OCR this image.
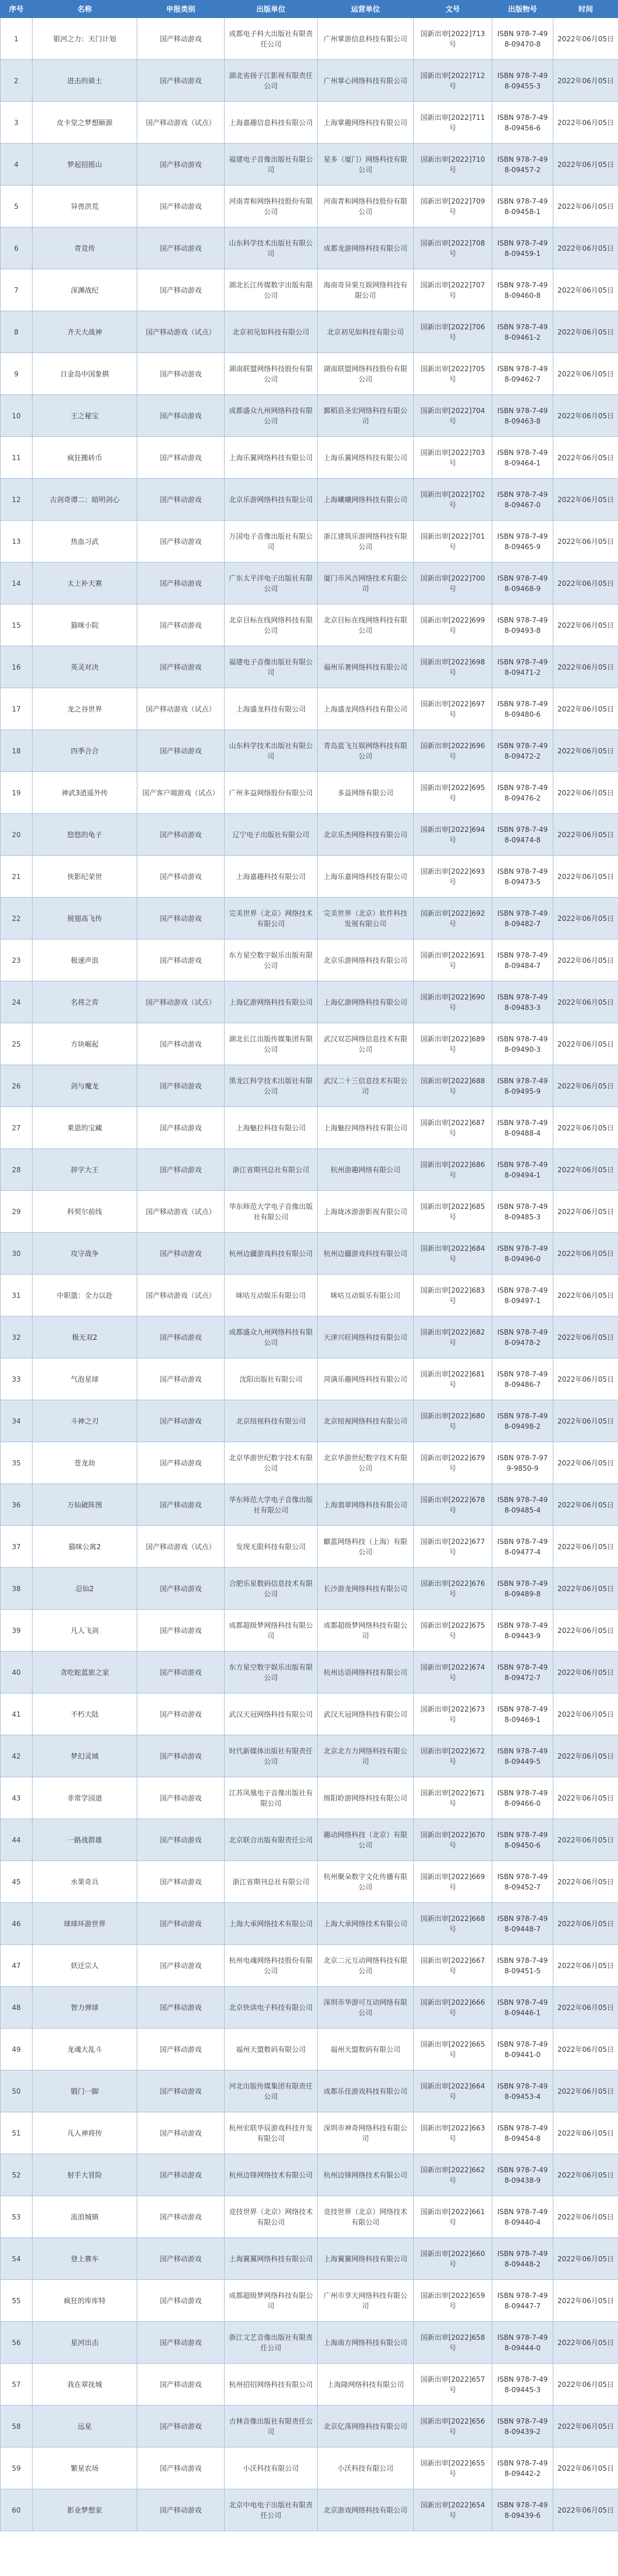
序号	名称	申报类别	出版单位	运营单位	文号	出版物号	时间
1	银河之力：天门计划	国产移动游戏	成都电子科大出版社有限责任公司	广州掌游信息科技有限公司	国新出审[2022]713号	ISBN 978-7-498-09470-8	2022年06月05日
2	进击的骑士	国产移动游戏	湖北省扬子江影视有限责任公司	广州掌心网络科技有限公司	国新出审[2022]712号	ISBN 978-7-498-09455-3	2022年06月05日
3	皮卡堂之梦想颐源	国产移动游戏（试点）	上海嘉趣信息科技有限公司	上海掌趣网络科技有限公司	国新出审[2022]711号	ISBN 978-7-498-09456-6	2022年06月05日
4	梦起招摇山	国产移动游戏	福建电子音像出版社有限公司	星多（厦门）网络科技有限公司	国新出审[2022]710号	ISBN 978-7-498-09457-2	2022年06月05日
5	异兽洪荒	国产移动游戏	河南青和网络科技股份有限公司	河南青和网络科技股份有限公司	国新出审[2022]709号	ISBN 978-7-498-09458-1	2022年06月05日
6	青竞传	国产移动游戏	山东科学技术出版社有限公司	成都龙游网络科技有限公司	国新出审[2022]708号	ISBN 978-7-498-09459-1	2022年06月05日
7	深渊战纪	国产移动游戏	湖北长江传媒数字出版有限公司	海南奇异果互娱网络科技有限公司	国新出审[2022]707号	ISBN 978-7-498-09460-8	2022年06月05日
8	齐天大战神	国产移动游戏（试点）	北京初见如科技有限公司	北京初见如科技有限公司	国新出审[2022]706号	ISBN 978-7-498-09461-2	2022年06月05日
9	日金岛中国象棋	国产移动游戏	湖南联盟网络科技股份有限公司	湖南联盟网络科技股份有限公司	国新出审[2022]705号	ISBN 978-7-498-09462-7	2022年06月05日
10	王之秘宝	国产移动游戏	成都盛众九州网络科技有限公司	鄞稻县圣宏网络科技有限公司	国新出审[2022]704号	ISBN 978-7-498-09463-8	2022年06月05日
11	疯狂搬砖币	国产移动游戏	上海乐翼网络科技有限公司	上海乐翼网络科技有限公司	国新出审[2022]703号	ISBN 978-7-498-09464-1	2022年06月05日
12	古剑奇谭二：暗明剑心	国产移动游戏	北京乐游网络科技有限公司	上海曦曦网络科技有限公司	国新出审[2022]702号	ISBN 978-7-498-09467-0	2022年06月05日
13	热血习武	国产移动游戏	万国电子音像出版社有限公司	浙江建筑乐游网络科技有限公司	国新出审[2022]701号	ISBN 978-7-498-09465-9	2022年06月05日
14	太上补天赛	国产移动游戏	广东太平洋电子出版社有限公司	厦门市风吉网络技术有限公司	国新出审[2022]700号	ISBN 978-7-498-09468-9	2022年06月05日
15	猫咪小院	国产移动游戏	北京目标在线网络科技有限公司	北京目标在线网络科技有限公司	国新出审[2022]699号	ISBN 978-7-498-09493-8	2022年06月05日
16	英灵对决	国产移动游戏	福建电子音像出版社有限公司	福州乐奢网络科技有限公司	国新出审[2022]698号	ISBN 978-7-498-09471-2	2022年06月05日
17	龙之谷世界	国产移动游戏（试点）	上海盛龙科技有限公司	上海盛龙网络科技有限公司	国新出审[2022]697号	ISBN 978-7-498-09480-6	2022年06月05日
18	四季合合	国产移动游戏	山东科学技术出版社有限公司	青岛蓝飞互娱网络科技有限公司	国新出审[2022]696号	ISBN 978-7-498-09472-2	2022年06月05日
19	神武3逍遥外传	国产客户端游戏（试点）	广州多益网络股份有限公司	多益网络有限公司	国新出审[2022]695号	ISBN 978-7-498-09476-2	2022年06月05日
20	悠悠的龟子	国产移动游戏	辽宁电子出版社有限公司	北京乐杰网络科技有限公司	国新出审[2022]694号	ISBN 978-7-498-09474-8	2022年06月05日
21	侠影纪荣世	国产移动游戏	上海嘉趣科技有限公司	上海乐嘉网络科技有限公司	国新出审[2022]693号	ISBN 978-7-498-09473-5	2022年06月05日
22	展翅高飞传	国产移动游戏	完美世界（北京）网络技术有限公司	完美世界（北京）软件科技发展有限公司	国新出审[2022]692号	ISBN 978-7-498-09482-7	2022年06月05日
23	极速声浪	国产移动游戏	东方星空数字娱乐出版有限公司	北京乐游网络科技有限公司	国新出审[2022]691号	ISBN 978-7-498-09484-7	2022年06月05日
24	名将之弈	国产移动游戏（试点）	上海亿游网络科技有限公司	上海亿游网络科技有限公司	国新出审[2022]690号	ISBN 978-7-498-09483-3	2022年06月05日
25	方块崛起	国产移动游戏	湖北长江出版传媒集团有限公司	武汉双芯网络信息技术有限公司	国新出审[2022]689号	ISBN 978-7-498-09490-3	2022年06月05日
26	剑与魔龙	国产移动游戏	黑龙江科学技术出版社有限公司	武汉二十三信息技术有限公司	国新出审[2022]688号	ISBN 978-7-498-09495-9	2022年06月05日
27	萊恩的宝藏	国产移动游戏	上海魅拉科技有限公司	上海魅拉网络科技有限公司	国新出审[2022]687号	ISBN 978-7-498-09488-4	2022年06月05日
28	拼字大王	国产移动游戏	浙江省期刊总社有限公司	杭州游趣网络有限公司	国新出审[2022]686号	ISBN 978-7-498-09494-1	2022年06月05日
29	科契尔前线	国产移动游戏（试点）	华东师范大学电子音像出版社有限公司	上海珑冰游游影视有限公司	国新出审[2022]685号	ISBN 978-7-498-09485-3	2022年06月05日
30	攻守战争	国产移动游戏	杭州边疆游戏科技有限公司	杭州边疆游戏科技有限公司	国新出审[2022]684号	ISBN 978-7-498-09496-0	2022年06月05日
31	中职篮：全力以赴	国产移动游戏（试点）	咪咕互动娱乐有限公司	咪咕互动娱乐有限公司	国新出审[2022]683号	ISBN 978-7-498-09497-1	2022年06月05日
32	极无双2	国产移动游戏	成都盛众九州网络科技有限公司	天津兴旺网络科技有限公司	国新出审[2022]682号	ISBN 978-7-498-09478-2	2022年06月05日
33	气泡星球	国产移动游戏	沈阳出版社有限公司	菏满乐趣网络科技有限公司	国新出审[2022]681号	ISBN 978-7-498-09486-7	2022年06月05日
34	斗神之刃	国产移动游戏	北京纽视科技有限公司	北京纽视网络科技有限公司	国新出审[2022]680号	ISBN 978-7-498-09498-2	2022年06月05日
35	苍龙劫	国产移动游戏	北京华游世纪数字技术有限公司	北京华游世纪数字技术有限公司	国新出审[2022]679号	ISBN 978-7-979-9850-9	2022年06月05日
36	万仙破阵图	国产移动游戏	华东师范大学电子音像出版社有限公司	上海翡翠网络科技有限公司	国新出审[2022]678号	ISBN 978-7-498-09485-4	2022年06月05日
37	猫咪公寓2	国产移动游戏（试点）	发现无限科技有限公司	麒蓝网络科技（上海）有限公司	国新出审[2022]677号	ISBN 978-7-498-09477-4	2022年06月05日
38	忍仙2	国产移动游戏	合肥乐星数码信息技术有限公司	长沙游龙网络科技有限公司	国新出审[2022]676号	ISBN 978-7-498-09489-8	2022年06月05日
39	凡人飞剑	国产移动游戏	成都超级梦网络科技有限公司	成都超级梦网络科技有限公司	国新出审[2022]675号	ISBN 978-7-498-09443-9	2022年06月05日
40	贪吃蛇蓝旅之家	国产移动游戏	东方星空数字娱乐出版有限公司	杭州达语网络科技有限公司	国新出审[2022]674号	ISBN 978-7-498-09472-7	2022年06月05日
41	不朽大陆	国产移动游戏	武汉天冠网络科技有限公司	武汉天冠网络科技有限公司	国新出审[2022]673号	ISBN 978-7-498-09469-1	2022年06月05日
42	梦幻灵域	国产移动游戏	时代新媒体出版社有限责任公司	北京北方力网络科技有限公司	国新出审[2022]672号	ISBN 978-7-498-09449-5	2022年06月05日
43	非常学园道	国产移动游戏	江苏凤凰电子音像出版社有限公司	绵阳聆游网络科技有限公司	国新出审[2022]671号	ISBN 978-7-498-09466-0	2022年06月05日
44	一路战群雄	国产移动游戏	北京联合出版有限责任公司	趣动网络科技（北京）有限公司	国新出审[2022]670号	ISBN 978-7-498-09450-6	2022年06月05日
45	水果奇兵	国产移动游戏	浙江省期刊总社有限公司	杭州聚朵数字文化传播有限公司	国新出审[2022]669号	ISBN 978-7-498-09452-7	2022年06月05日
46	球球环游世界	国产移动游戏	上海大承网络技术有限公司	上海大承网络技术有限公司	国新出审[2022]668号	ISBN 978-7-498-09448-7	2022年06月05日
47	妖迁宗人	国产移动游戏	杭州电魂网络科技股份有限公司	北京二元互动网络科技有限公司	国新出审[2022]667号	ISBN 978-7-498-09451-5	2022年06月05日
48	智力弹球	国产移动游戏	北京快读电子科技有限公司	深圳市华游可互动网络有限公司	国新出审[2022]666号	ISBN 978-7-498-09446-1	2022年06月05日
49	龙魂大乱斗	国产移动游戏	福州天盟数码有限公司	福州天盟数码有限公司	国新出审[2022]665号	ISBN 978-7-498-09441-0	2022年06月05日
50	锻门一脚	国产移动游戏	河北出版传媒集团有限责任公司	成都乐佳游戏科技有限公司	国新出审[2022]664号	ISBN 978-7-498-09453-4	2022年06月05日
51	凡人神将传	国产移动游戏	杭州宏联华辰游戏科技开发有限公司	深圳市神奇网络科技有限公司	国新出审[2022]663号	ISBN 978-7-498-09454-8	2022年06月05日
52	射手大冒险	国产移动游戏	杭州边锋网络技术有限公司	杭州边锋网络技术有限公司	国新出审[2022]662号	ISBN 978-7-498-09438-9	2022年06月05日
53	流浪城镇	国产移动游戏	竞技世界（北京）网络技术有限公司	竞技世界（北京）网络技术有限公司	国新出审[2022]661号	ISBN 978-7-498-09440-4	2022年06月05日
54	登上赛车	国产移动游戏	上海翼翼网络科技有限公司	上海翼翼网络科技有限公司	国新出审[2022]660号	ISBN 978-7-498-09448-2	2022年06月05日
55	疯狂的库库特	国产移动游戏	成都超级梦网络科技有限公司	广州市享天网络科技有限公司	国新出审[2022]659号	ISBN 978-7-498-09447-7	2022年06月05日
56	星河出击	国产移动游戏	浙江文艺音像出版社有限责任公司	上海南方网络科技有限公司	国新出审[2022]658号	ISBN 978-7-498-09444-0	2022年06月05日
57	我在翠抚城	国产移动游戏	杭州招招网络科技有限公司	上海隆网络科技有限公司	国新出审[2022]657号	ISBN 978-7-498-09445-3	2022年06月05日
58	远星	国产移动游戏	吉林音像出版社有限责任公司	北京亿荡网络科技有限公司	国新出审[2022]656号	ISBN 978-7-498-09439-2	2022年06月05日
59	繁星农场	国产移动游戏	小沃科技有限公司	小沃科技有限公司	国新出审[2022]655号	ISBN 978-7-498-09442-2	2022年06月05日
60	影业梦想家	国产移动游戏	北京中电电子出版社有限责任公司	北京游戏网络科技有限公司	国新出审[2022]654号	ISBN 978-7-498-09439-6	2022年06月05日
